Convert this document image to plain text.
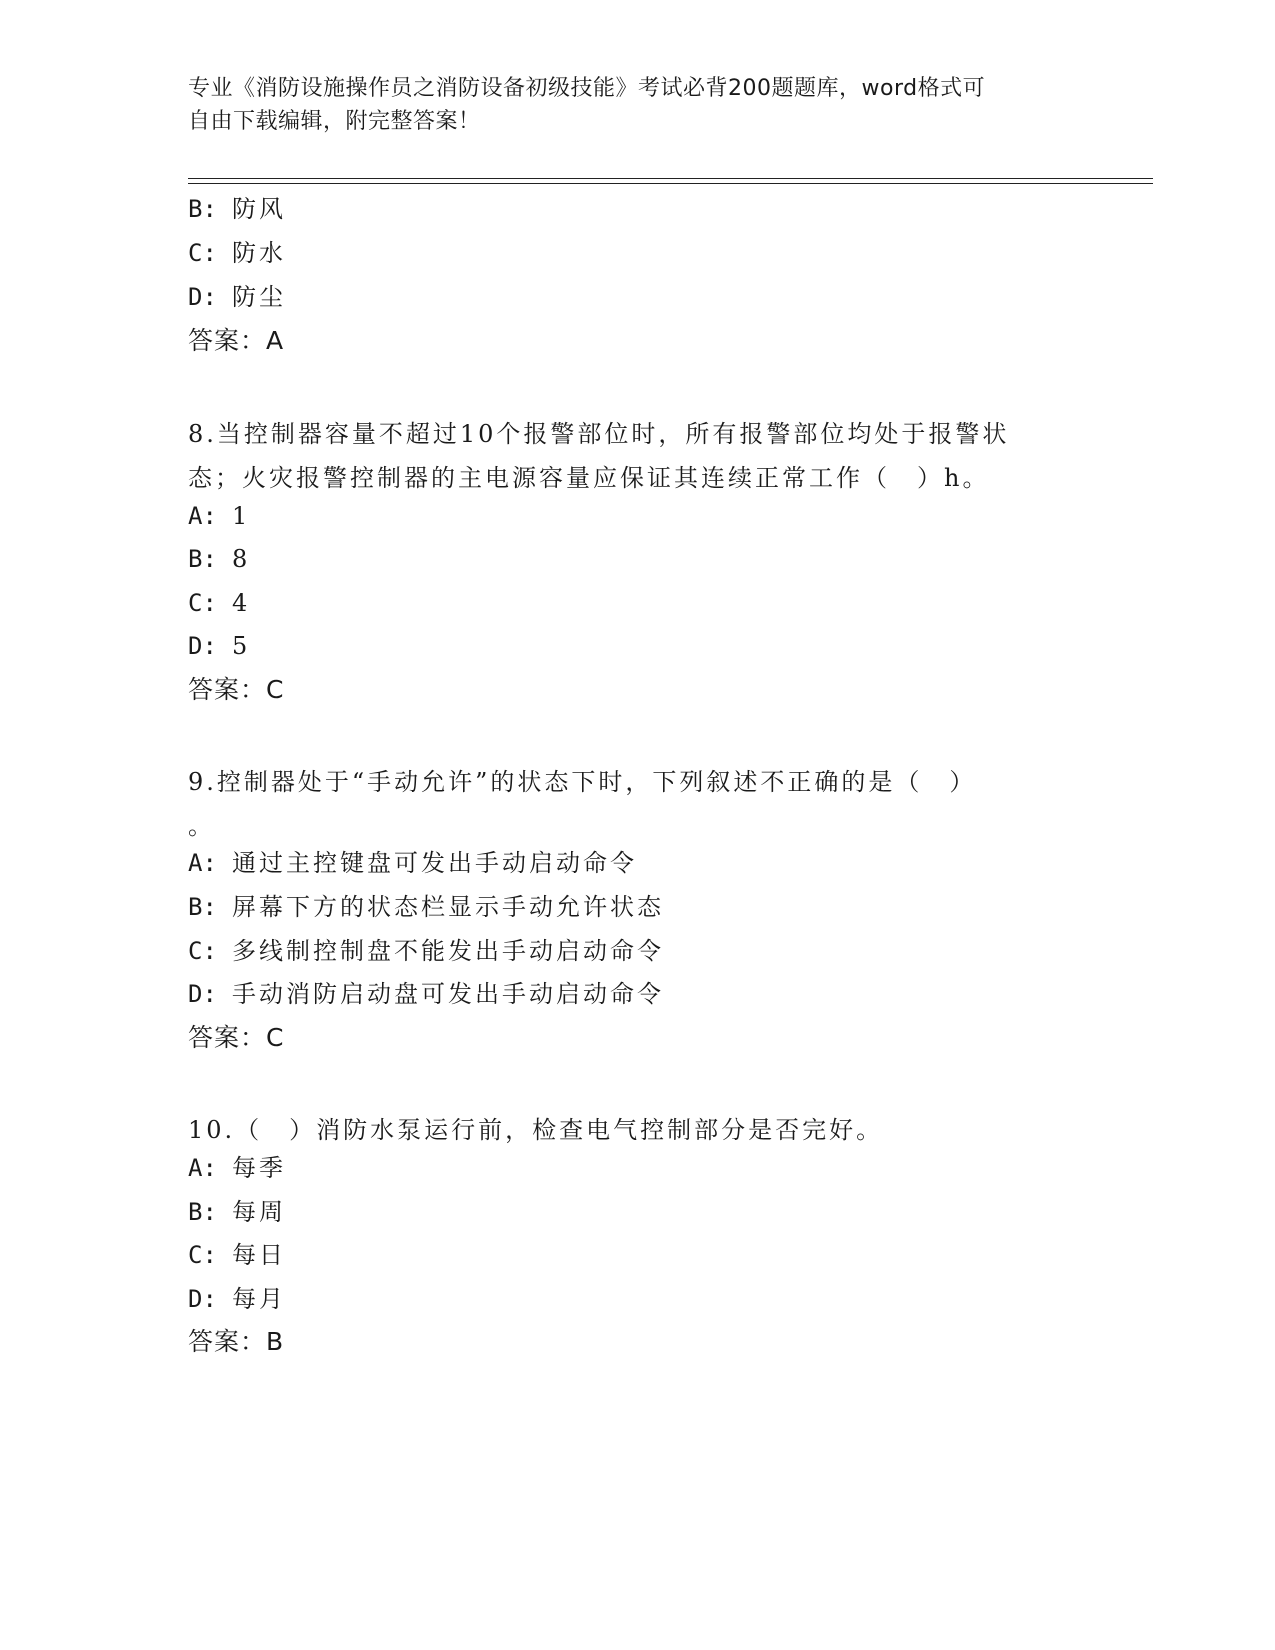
专业《消防设施操作员之消防设备初级技能》考试必背200题题库，word格式可
自由下载编辑，附完整答案！
B: 防风
C: 防水
D: 防尘
答案：A
8.当控制器容量不超过10个报警部位时，所有报警部位均处于报警状
态；火灾报警控制器的主电源容量应保证其连续正常工作（　）h。
A: 1
B: 8
C: 4
D: 5
答案：C
9.控制器处于“手动允许”的状态下时，下列叙述不正确的是（　）
。
A: 通过主控键盘可发出手动启动命令
B: 屏幕下方的状态栏显示手动允许状态
C: 多线制控制盘不能发出手动启动命令
D: 手动消防启动盘可发出手动启动命令
答案：C
10.（　）消防水泵运行前，检查电气控制部分是否完好。
A: 每季
B: 每周
C: 每日
D: 每月
答案：B
